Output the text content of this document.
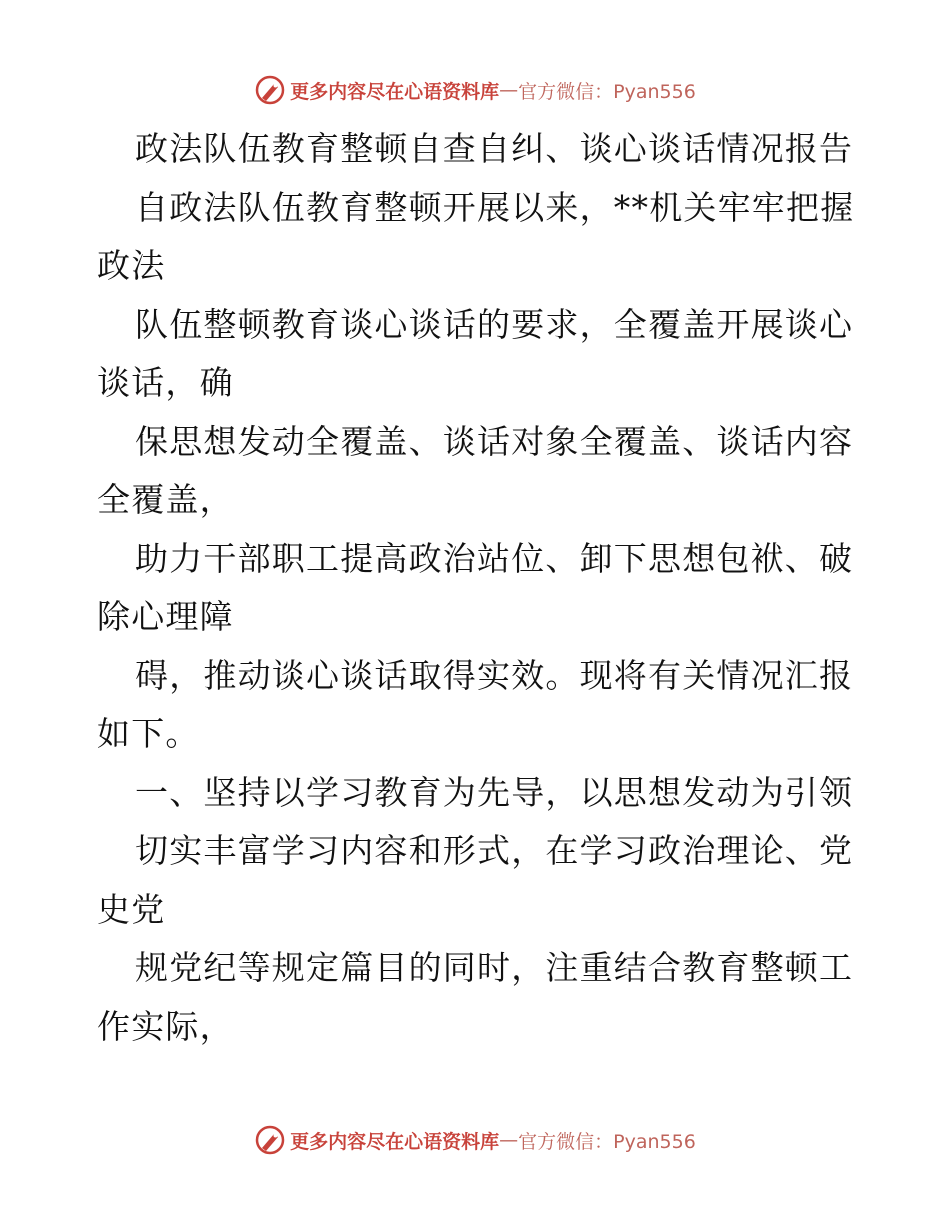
更多内容尽在心语资料库 — 官方微信：Pyan556
政法队伍教育整顿自查自纠、谈心谈话情况报告
自政法队伍教育整顿开展以来，**机关牢牢把握
政法
队伍整顿教育谈心谈话的要求，全覆盖开展谈心
谈话，确
保思想发动全覆盖、谈话对象全覆盖、谈话内容
全覆盖，
助力干部职工提高政治站位、卸下思想包袱、破
除心理障
碍，推动谈心谈话取得实效。现将有关情况汇报
如下。
一、坚持以学习教育为先导，以思想发动为引领
切实丰富学习内容和形式，在学习政治理论、党
史党
规党纪等规定篇目的同时，注重结合教育整顿工
作实际，
更多内容尽在心语资料库 — 官方微信：Pyan556
